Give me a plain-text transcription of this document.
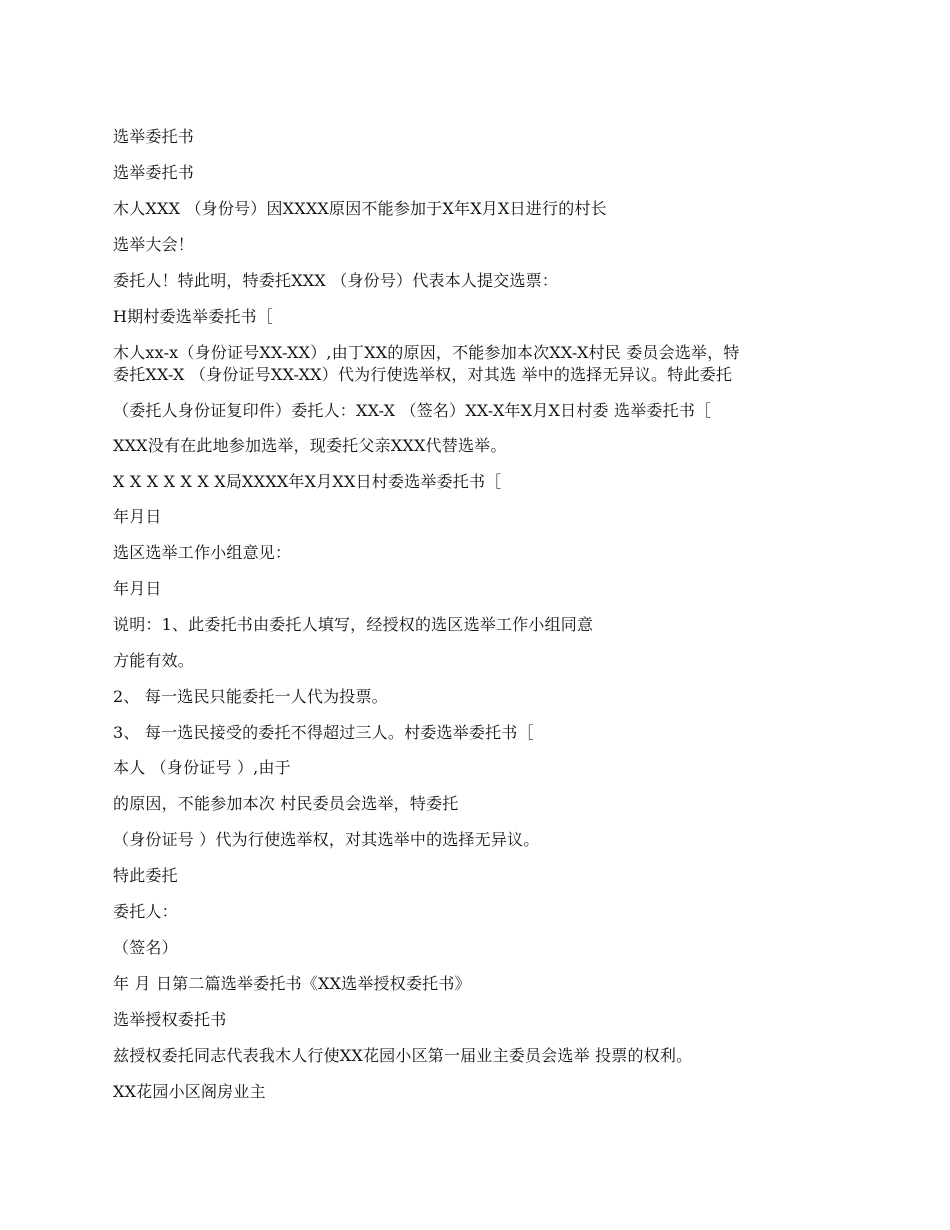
选举委托书
选举委托书
木人XXX （身份号）因XXXX原因不能参加于X年X月X日进行的村长
选举大会！
委托人！特此明，特委托XXX （身份号）代表本人提交选票：
H期村委选举委托书［
木人xx-x（身份证号XX-XX）,由丁XX的原因，不能参加本次XX-X村民 委员会选举，特
委托XX-X （身份证号XX-XX）代为行使选举权，对其选 举中的选择无异议。特此委托
（委托人身份证复印件）委托人：XX-X （签名）XX-X年X月X日村委 选举委托书［
XXX没有在此地参加选举，现委托父亲XXX代替选举。
X X X X X X X局XXXX年X月XX日村委选举委托书［
年月日
选区选举工作小组意见：
年月日
说明：1、此委托书由委托人填写，经授权的选区选举工作小组同意
方能有效。
2、 每一选民只能委托一人代为投票。
3、 每一选民接受的委托不得超过三人。村委选举委托书［
本人 （身份证号 ）,由于
的原因，不能参加本次 村民委员会选举，特委托
（身份证号 ）代为行使选举权，对其选举中的选择无异议。
特此委托
委托人：
（签名）
年 月 日第二篇选举委托书《XX选举授权委托书》
选举授权委托书
兹授权委托同志代表我木人行使XX花园小区第一届业主委员会选举 投票的权利。
XX花园小区阁房业主
